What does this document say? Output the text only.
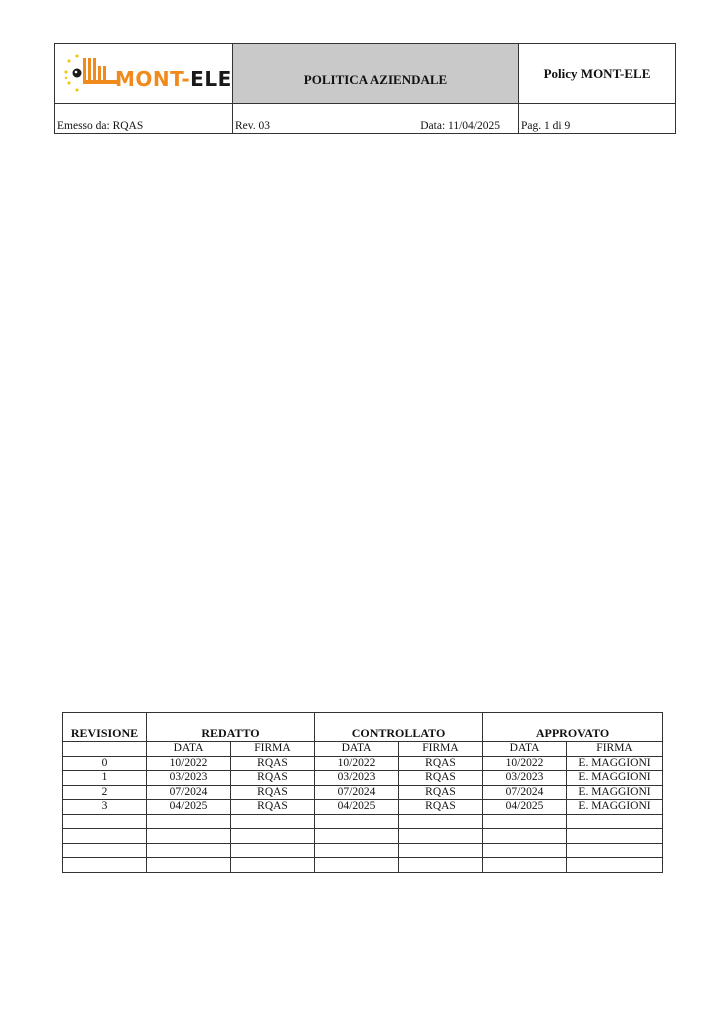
MONT-ELE	POLITICA AZIENDALE	Policy MONT-ELE
Emesso da: RQAS	Rev. 03 Data: 11/04/2025	Pag. 1 di 9
REVISIONE	REDATTO		CONTROLLATO		APPROVATO	
	DATA	FIRMA	DATA	FIRMA	DATA	FIRMA
0	10/2022	RQAS	10/2022	RQAS	10/2022	E. MAGGIONI
1	03/2023	RQAS	03/2023	RQAS	03/2023	E. MAGGIONI
2	07/2024	RQAS	07/2024	RQAS	07/2024	E. MAGGIONI
3	04/2025	RQAS	04/2025	RQAS	04/2025	E. MAGGIONI
